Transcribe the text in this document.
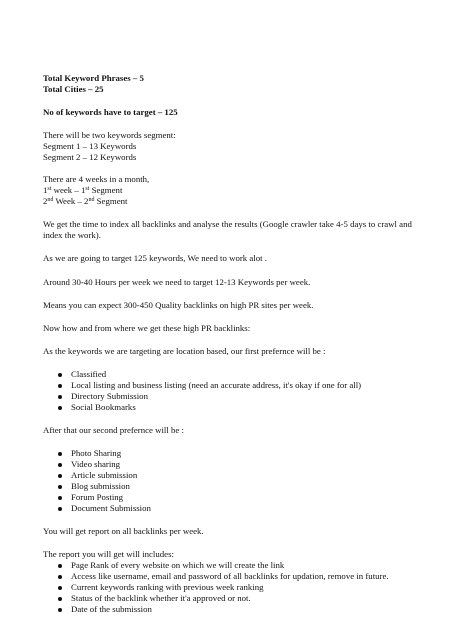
Total Keyword Phrases – 5

Total Cities – 25

No of keywords have to target – 125

There will be two keywords segment:

Segment 1 – 13 Keywords

Segment 2 – 12 Keywords

There are 4 weeks in a month,

1st week – 1st Segment

2nd Week – 2nd Segment

We get the time to index all backlinks and analyse the results (Google crawler take 4-5 days to crawl and index the work).

As we are going to target 125 keywords, We need to work alot .

Around 30-40 Hours per week we need to target 12-13 Keywords per week.

Means you can expect 300-450 Quality backlinks on high PR sites per week.

Now how and from where we get these high PR backlinks:

As the keywords we are targeting are location based, our first prefernce will be :

Classified
Local listing and business listing (need an accurate address, it's okay if one for all)
Directory Submission
Social Bookmarks

After that our second prefernce will be :

Photo Sharing
Video sharing
Article submission
Blog submission
Forum Posting
Document Submission

You will get report on all backlinks per week.

The report you will get will includes:

Page Rank of every website on which we will create the link
Access like username, email and password of all backlinks for updation, remove in future.
Current keywords ranking with previous week ranking
Status of the backlink whether it'a approved or not.
Date of the submission
